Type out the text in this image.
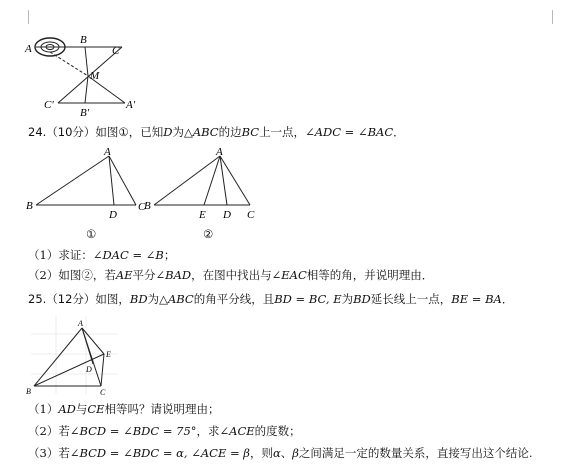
A
B
C
M
C′
B′
A′
24.（10分）如图①，已知D为△ABC的边BC上一点，∠ADC = ∠BAC．
A
B
D
C
①
A
B
E D C
②
（1）求证：∠DAC = ∠B；
（2）如图②，若AE平分∠BAD，在图中找出与∠EAC相等的角，并说明理由．
25.（12分）如图，BD为△ABC的角平分线，且BD = BC, E为BD延长线上一点，BE = BA．
A
B	C
D
E
（1）AD与CE相等吗？请说明理由；
（2）若∠BCD = ∠BDC = 75°，求∠ACE的度数；
（3）若∠BCD = ∠BDC = α, ∠ACE = β，则α、β之间满足一定的数量关系，直接写出这个结论.
